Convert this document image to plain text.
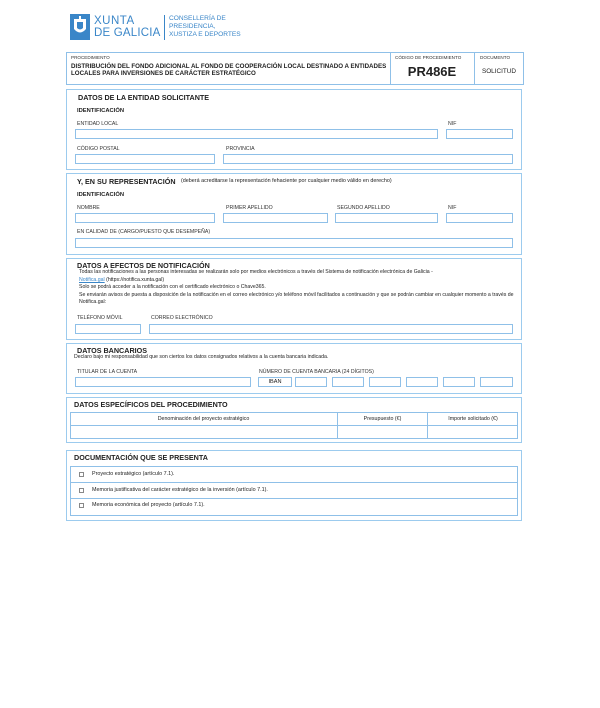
XUNTA
DE GALICIA
CONSELLERÍA DE
PRESIDENCIA,
XUSTIZA E DEPORTES
PROCEDIMIENTO
DISTRIBUCIÓN DEL FONDO ADICIONAL AL FONDO DE COOPERACIÓN LOCAL DESTINADO A ENTIDADES LOCALES PARA INVERSIONES DE CARÁCTER ESTRATÉGICO
CÓDIGO DE PROCEDIMIENTO
PR486E
DOCUMENTO
SOLICITUD
DATOS DE LA ENTIDAD SOLICITANTE
IDENTIFICACIÓN
ENTIDAD LOCAL	NIF
CÓDIGO POSTAL	PROVINCIA
Y, EN SU REPRESENTACIÓN (deberá acreditarse la representación fehaciente por cualquier medio válido en derecho)
IDENTIFICACIÓN
NOMBRE	PRIMER APELLIDO	SEGUNDO APELLIDO	NIF
EN CALIDAD DE (CARGO/PUESTO QUE DESEMPEÑA)
DATOS A EFECTOS DE NOTIFICACIÓN
Todas las notificaciones a las personas interesadas se realizarán solo por medios electrónicos a través del Sistema de notificación electrónica de Galicia -
Notifica.gal (https://notifica.xunta.gal)
Solo se podrá acceder a la notificación con el certificado electrónico o Chave365.
Se enviarán avisos de puesta a disposición de la notificación en el correo electrónico y/o teléfono móvil facilitados a continuación y que se podrán cambiar en cualquier momento a través de Notifica.gal:
TELÉFONO MÓVIL	CORREO ELECTRÓNICO
DATOS BANCARIOS
Declaro bajo mi responsabilidad que son ciertos los datos consignados relativos a la cuenta bancaria indicada.
TITULAR DE LA CUENTA	NÚMERO DE CUENTA BANCARIA (24 DÍGITOS)
IBAN
DATOS ESPECÍFICOS DEL PROCEDIMIENTO
Denominación del proyecto estratégico	Presupuesto (€)	Importe solicitado (€)
DOCUMENTACIÓN QUE SE PRESENTA
Proyecto estratégico (artículo 7.1).
Memoria justificativa del carácter estratégico de la inversión (artículo 7.1).
Memoria económica del proyecto (artículo 7.1).
